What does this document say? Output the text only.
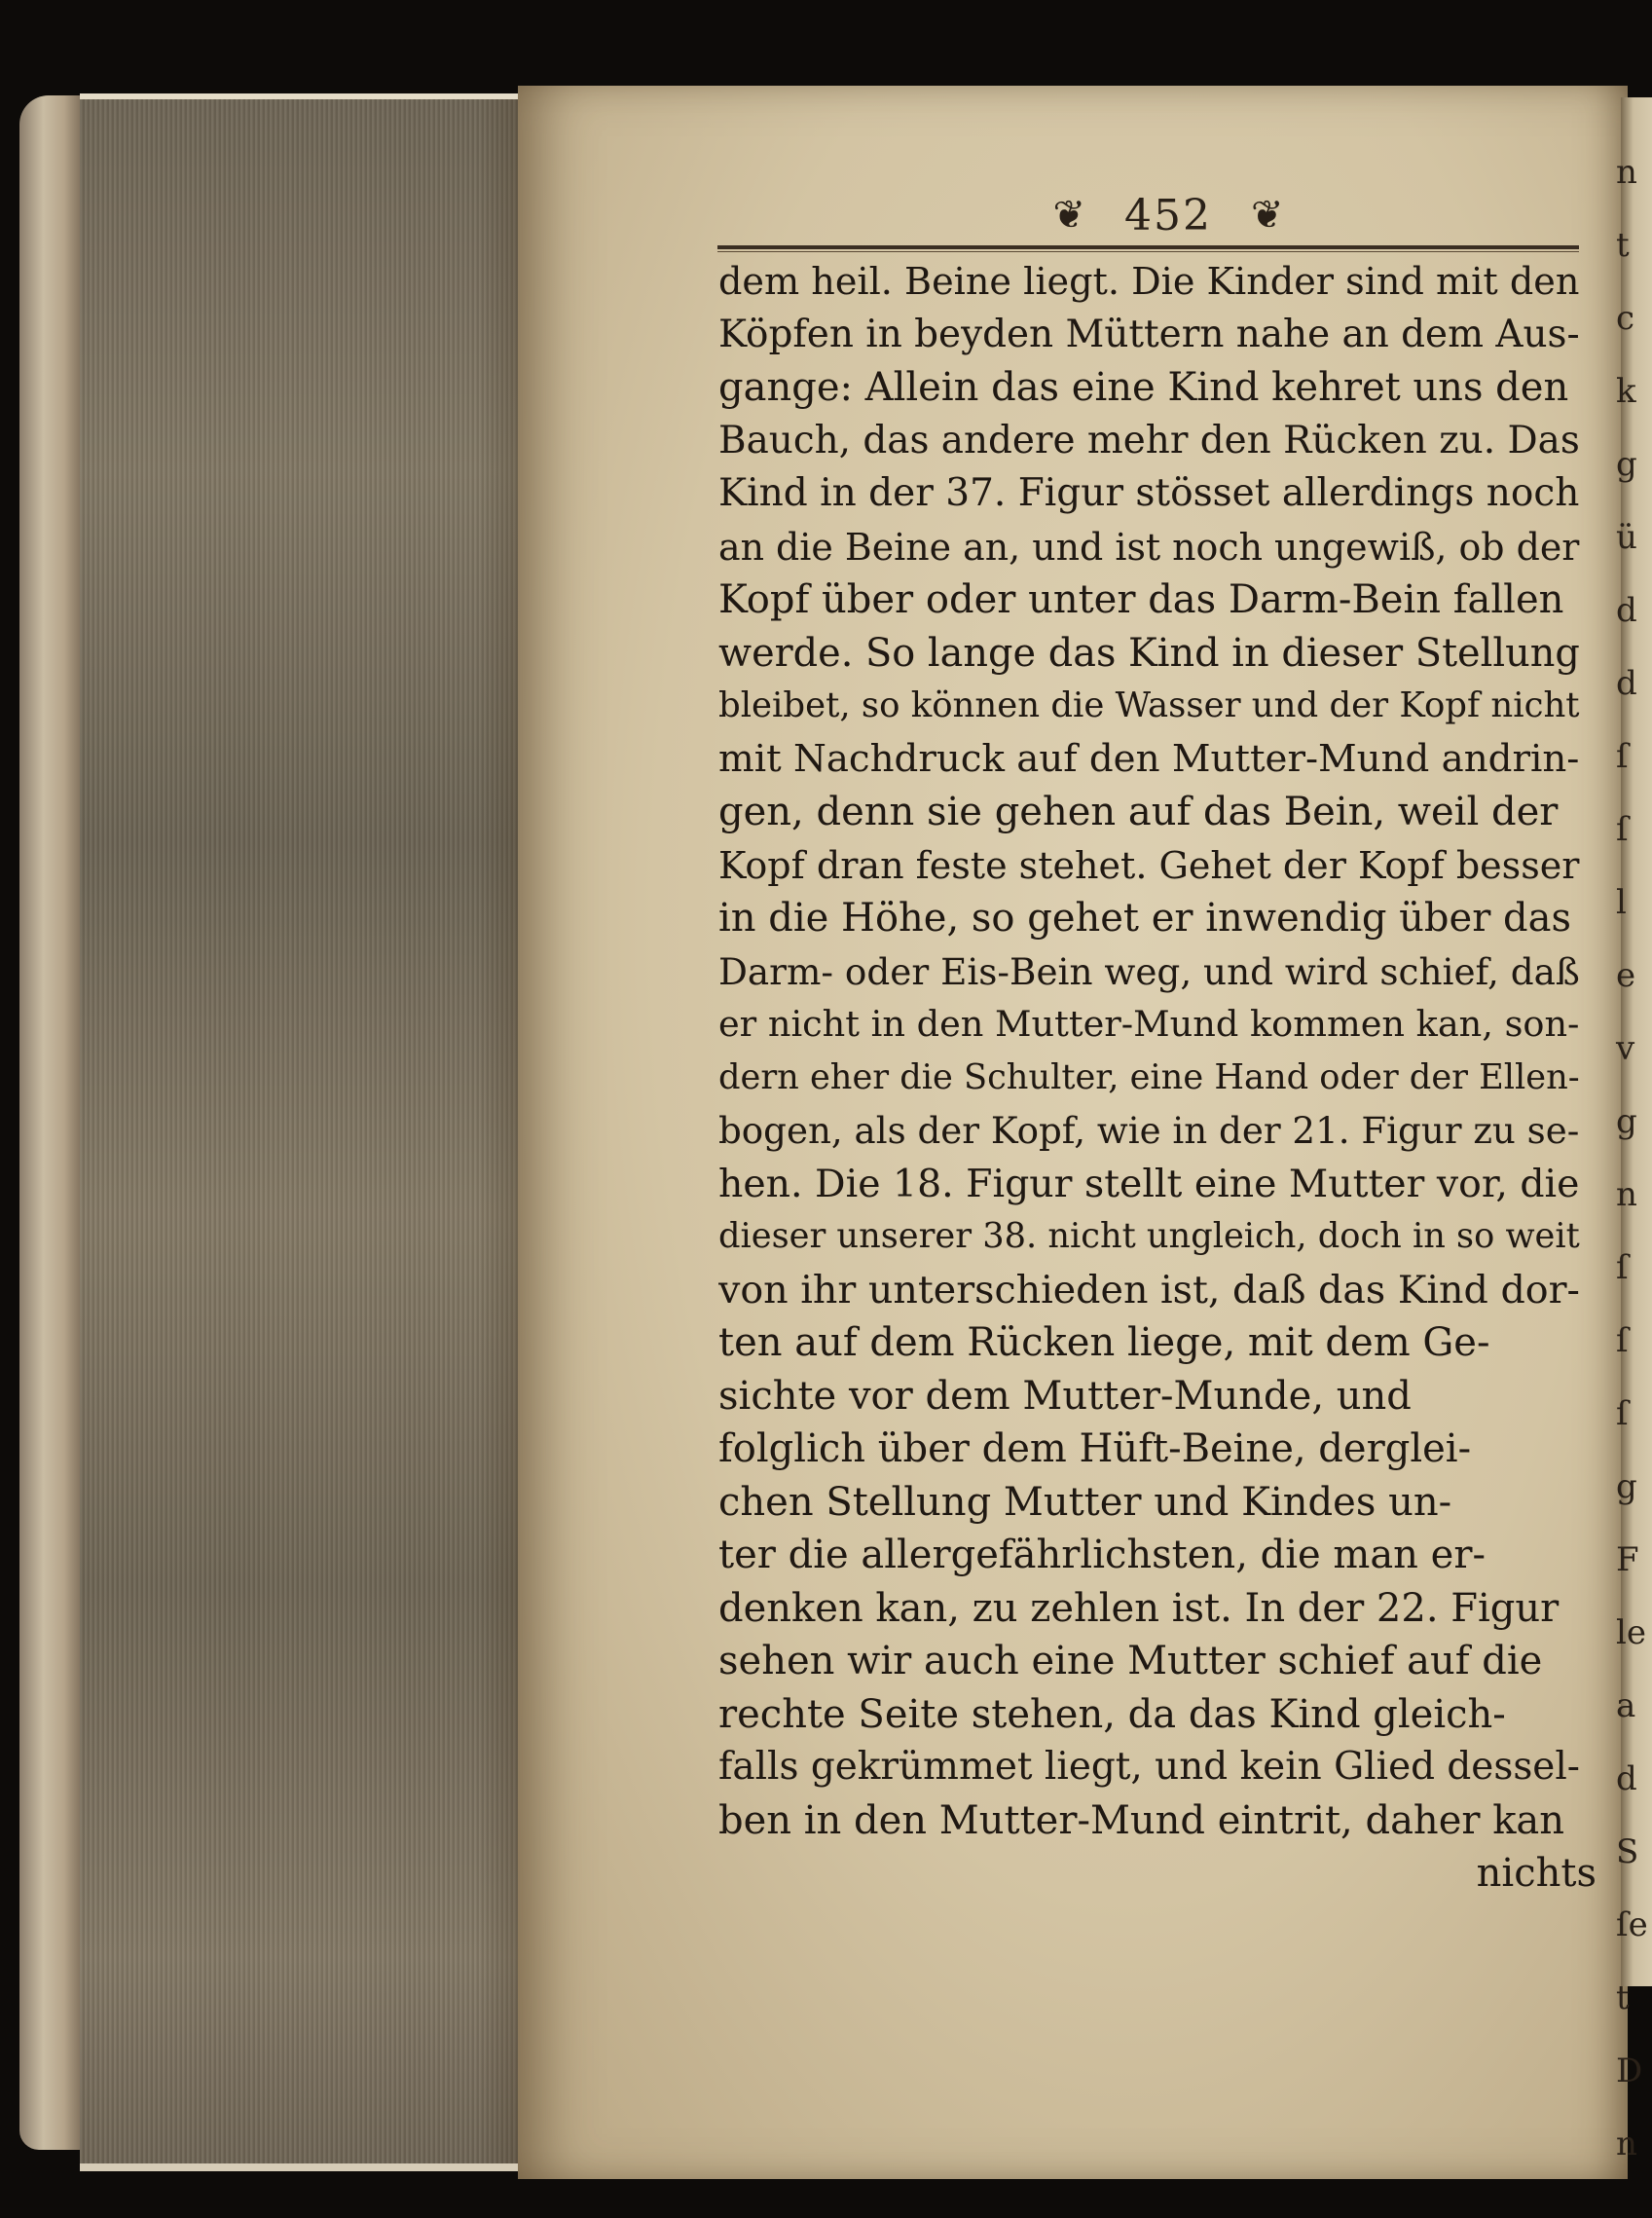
n
t
c
k
g
ü
d
d
ſ
ſ
l
e
v
g
n
ſ
ſ
ſ
g
F
le
a
d
S
ſe
t
D
n
❦ 452 ❦
dem heil. Beine liegt. Die Kinder sind mit den
Köpfen in beyden Müttern nahe an dem Aus-
gange: Allein das eine Kind kehret uns den
Bauch, das andere mehr den Rücken zu. Das
Kind in der 37. Figur stösset allerdings noch
an die Beine an, und ist noch ungewiß, ob der
Kopf über oder unter das Darm-Bein fallen
werde. So lange das Kind in dieser Stellung
bleibet, so können die Wasser und der Kopf nicht
mit Nachdruck auf den Mutter-Mund andrin-
gen, denn sie gehen auf das Bein, weil der
Kopf dran feste stehet. Gehet der Kopf besser
in die Höhe, so gehet er inwendig über das
Darm- oder Eis-Bein weg, und wird schief, daß
er nicht in den Mutter-Mund kommen kan, son-
dern eher die Schulter, eine Hand oder der Ellen-
bogen, als der Kopf, wie in der 21. Figur zu se-
hen. Die 18. Figur stellt eine Mutter vor, die
dieser unserer 38. nicht ungleich, doch in so weit
von ihr unterschieden ist, daß das Kind dor-
ten auf dem Rücken liege, mit dem Ge-
sichte vor dem Mutter-Munde, und
folglich über dem Hüft-Beine, derglei-
chen Stellung Mutter und Kindes un-
ter die allergefährlichsten, die man er-
denken kan, zu zehlen ist. In der 22. Figur
sehen wir auch eine Mutter schief auf die
rechte Seite stehen, da das Kind gleich-
falls gekrümmet liegt, und kein Glied dessel-
ben in den Mutter-Mund eintrit, daher kan
nichts
